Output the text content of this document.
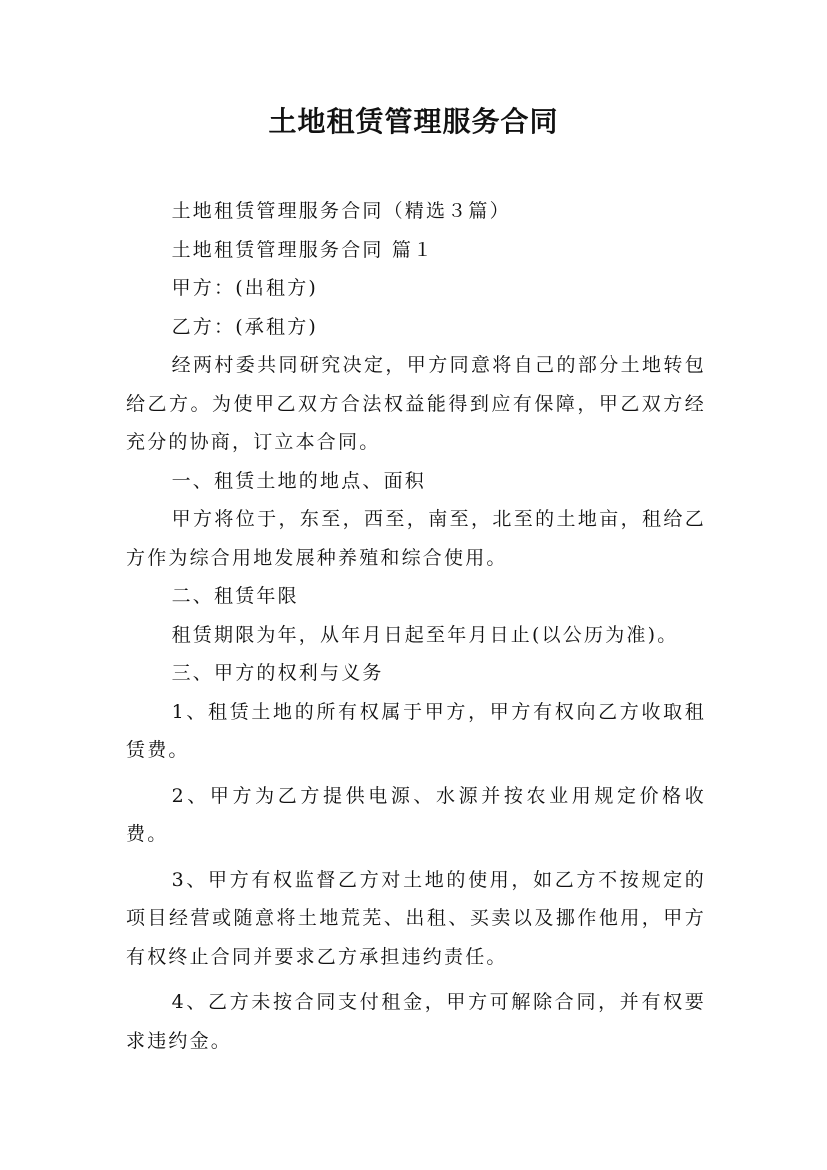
土地租赁管理服务合同

土地租赁管理服务合同（精选３篇）

土地租赁管理服务合同 篇１

甲方：(出租方)

乙方：(承租方)

经两村委共同研究决定，甲方同意将自己的部分土地转包给乙方。为使甲乙双方合法权益能得到应有保障，甲乙双方经充分的协商，订立本合同。

一、租赁土地的地点、面积

甲方将位于，东至，西至，南至，北至的土地亩，租给乙方作为综合用地发展种养殖和综合使用。

二、租赁年限

租赁期限为年，从年月日起至年月日止(以公历为准)。

三、甲方的权利与义务

1、租赁土地的所有权属于甲方，甲方有权向乙方收取租赁费。

2、甲方为乙方提供电源、水源并按农业用规定价格收费。

3、甲方有权监督乙方对土地的使用，如乙方不按规定的项目经营或随意将土地荒芜、出租、买卖以及挪作他用，甲方有权终止合同并要求乙方承担违约责任。

4、乙方未按合同支付租金，甲方可解除合同，并有权要求违约金。
